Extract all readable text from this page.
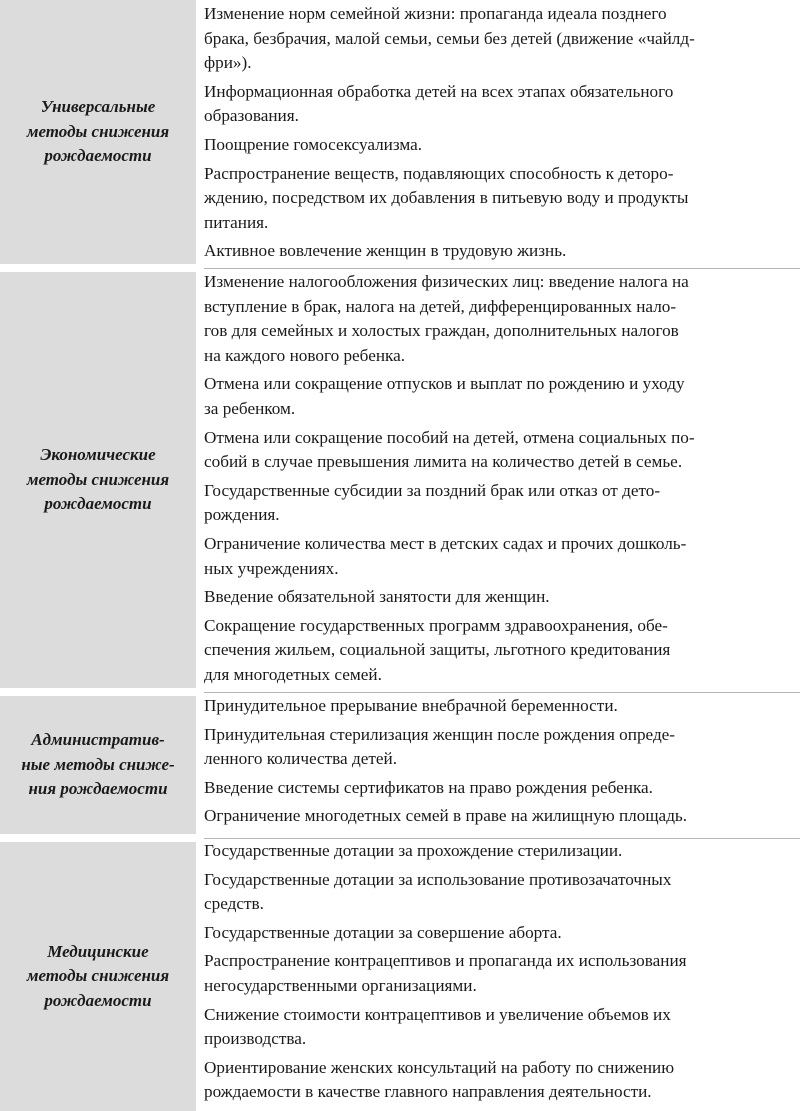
Универсальные
методы снижения
рождаемости
Изменение норм семейной жизни: пропаганда идеала позднего
брака, безбрачия, малой семьи, семьи без детей (движение «чайлд-
фри»).
Информационная обработка детей на всех этапах обязательного
образования.
Поощрение гомосексуализма.
Распространение веществ, подавляющих способность к деторо-
ждению, посредством их добавления в питьевую воду и продукты
питания.
Активное вовлечение женщин в трудовую жизнь.
Экономические
методы снижения
рождаемости
Изменение налогообложения физических лиц: введение налога на
вступление в брак, налога на детей, дифференцированных нало-
гов для семейных и холостых граждан, дополнительных налогов
на каждого нового ребенка.
Отмена или сокращение отпусков и выплат по рождению и уходу
за ребенком.
Отмена или сокращение пособий на детей, отмена социальных по-
собий в случае превышения лимита на количество детей в семье.
Государственные субсидии за поздний брак или отказ от дето-
рождения.
Ограничение количества мест в детских садах и прочих дошколь-
ных учреждениях.
Введение обязательной занятости для женщин.
Сокращение государственных программ здравоохранения, обе-
спечения жильем, социальной защиты, льготного кредитования
для многодетных семей.
Административ-
ные методы сниже-
ния рождаемости
Принудительное прерывание внебрачной беременности.
Принудительная стерилизация женщин после рождения опреде-
ленного количества детей.
Введение системы сертификатов на право рождения ребенка.
Ограничение многодетных семей в праве на жилищную площадь.
Медицинские
методы снижения
рождаемости
Государственные дотации за прохождение стерилизации.
Государственные дотации за использование противозачаточных
средств.
Государственные дотации за совершение аборта.
Распространение контрацептивов и пропаганда их использования
негосударственными организациями.
Снижение стоимости контрацептивов и увеличение объемов их
производства.
Ориентирование женских консультаций на работу по снижению
рождаемости в качестве главного направления деятельности.
